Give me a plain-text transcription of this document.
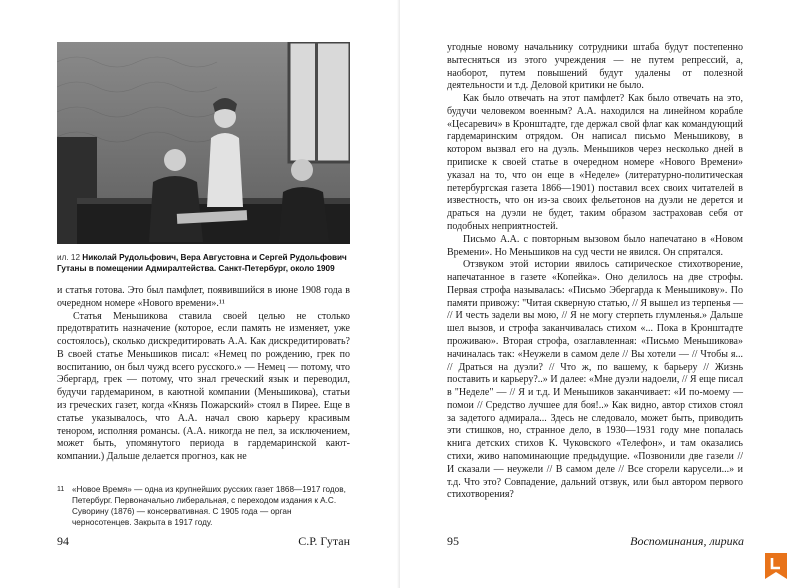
ил. 12 Николай Рудольфович, Вера Августовна и Сергей Рудольфович Гутаны в помещении Адмиралтейства. Санкт-Петербург, около 1909

и статья готова. Это был памфлет, появившийся в июне 1908 года в очередном номере «Нового времени».¹¹

Статья Меньшикова ставила своей целью не столько предотвратить назначение (которое, если память не изменяет, уже состоялось), сколько дискредитировать А.А. Как дискредитировать? В своей статье Меньшиков писал: «Немец по рождению, грек по воспитанию, он был чужд всего русского.» — Немец — потому, что Эбергард, грек — потому, что знал греческий язык и переводил, будучи гардемарином, в каютной компании (Меньшикова), статьи из греческих газет, когда «Князь Пожарский» стоял в Пирее. Еще в статье указывалось, что А.А. начал свою карьеру красивым тенором, исполняя романсы. (А.А. никогда не пел, за исключением, может быть, упомянутого периода в гардемаринской кают-компании.) Дальше делается прогноз, как не

11 «Новое Время» — одна из крупнейших русских газет 1868—1917 годов, Петербург. Первоначально либеральная, с переходом издания к А.С. Суворину (1876) — консервативная. С 1905 года — орган черносотенцев. Закрыта в 1917 году.
94	С.Р. Гутан

угодные новому начальнику сотрудники штаба будут постепенно вытесняться из этого учреждения — не путем репрессий, а, наоборот, путем повышений будут удалены от полезной деятельности и т.д. Деловой критики не было.

Как было отвечать на этот памфлет? Как было отвечать на это, будучи человеком военным? А.А. находился на линейном корабле «Цесаревич» в Кронштадте, где держал свой флаг как командующий гардемаринским отрядом. Он написал письмо Меньшикову, в котором вызвал его на дуэль. Меньшиков через несколько дней в приписке к своей статье в очередном номере «Нового Времени» указал на то, что он еще в «Неделе» (литературно-политическая петербургская газета 1866—1901) поставил всех своих читателей в известность, что он из-за своих фельетонов на дуэли не дерется и драться на дуэли не будет, таким образом застраховав себя от подобных неприятностей.

Письмо А.А. с повторным вызовом было напечатано в «Новом Времени». Но Меньшиков на суд чести не явился. Он спрятался.

Отзвуком этой истории явилось сатирическое стихотворение, напечатанное в газете «Копейка». Оно делилось на две строфы. Первая строфа называлась: «Письмо Эбергарда к Меньшикову». По памяти привожу: "Читая скверную статью, // Я вышел из терпенья — // И честь задели вы мою, // Я не могу стерпеть глумленья.» Дальше шел вызов, и строфа заканчивалась стихом «... Пока в Кронштадте проживаю». Вторая строфа, озаглавленная: «Письмо Меньшикова» начиналась так: «Неужели в самом деле // Вы хотели — // Чтобы я... // Драться на дуэли? // Что ж, по вашему, к барьеру // Жизнь поставить и карьеру?..» И далее: «Мне дуэли надоели, // Я еще писал в "Неделе" — // Я и т.д. И Меньшиков заканчивает: «И по-моему — помои // Средство лучшее для боя!..» Как видно, автор стихов стоял за задетого адмирала... Здесь не следовало, может быть, приводить эти стишков, но, странное дело, в 1930—1931 году мне попалась книга детских стихов К. Чуковского «Телефон», и там оказались стихи, живо напоминающие предыдущие. «Позвонили две газели // И сказали — неужели // В самом деле // Все сгорели карусели...» и т.д. Что это? Совпадение, дальний отзвук, или был автором первого стихотворения?

95	Воспоминания, лирика
